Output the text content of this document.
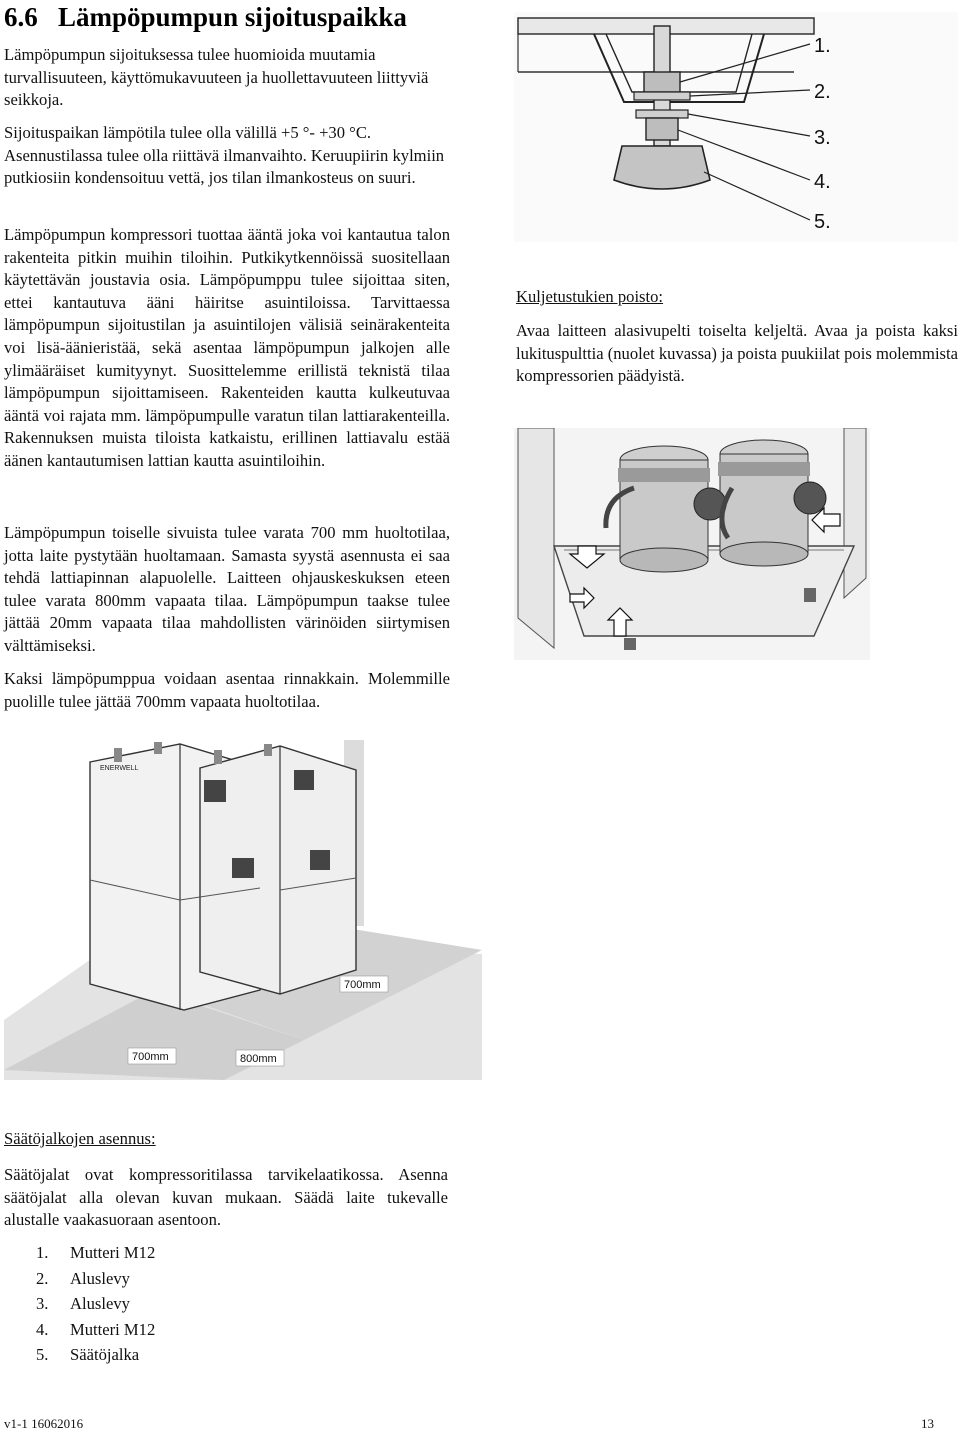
6.6 Lämpöpumpun sijoituspaikka

Lämpöpumpun sijoituksessa tulee huomioida muutamia turvallisuuteen, käyttömukavuuteen ja huollettavuuteen liittyviä seikkoja.

Sijoituspaikan lämpötila tulee olla välillä +5 °- +30 °C. Asennustilassa tulee olla riittävä ilmanvaihto. Keruupiirin kylmiin putkiosiin kondensoituu vettä, jos tilan ilmankosteus on suuri.

Lämpöpumpun kompressori tuottaa ääntä joka voi kantautua talon rakenteita pitkin muihin tiloihin. Putkikytkennöissä suositellaan käytettävän joustavia osia. Lämpöpumppu tulee sijoittaa siten, ettei kantautuva ääni häiritse asuintiloissa. Tarvittaessa lämpöpumpun sijoitustilan ja asuintilojen välisiä seinärakenteita voi lisä-äänieristää, sekä asentaa lämpöpumpun jalkojen alle ylimääräiset kumityynyt. Suosittelemme erillistä teknistä tilaa lämpöpumpun sijoittamiseen. Rakenteiden kautta kulkeutuvaa ääntä voi rajata mm. lämpöpumpulle varatun tilan lattiarakenteilla. Rakennuksen muista tiloista katkaistu, erillinen lattiavalu estää äänen kantautumisen lattian kautta asuintiloihin.

Lämpöpumpun toiselle sivuista tulee varata 700 mm huoltotilaa, jotta laite pystytään huoltamaan. Samasta syystä asennusta ei saa tehdä lattiapinnan alapuolelle. Laitteen ohjauskeskuksen eteen tulee varata 800mm vapaata tilaa. Lämpöpumpun taakse tulee jättää 20mm vapaata tilaa mahdollisten värinöiden siirtymisen välttämiseksi.

Kaksi lämpöpumppua voidaan asentaa rinnakkain. Molemmille puolille tulee jättää 700mm vapaata huoltotilaa.

Kuljetustukien poisto:

Avaa laitteen alasivupelti toiselta keljeltä. Avaa ja poista kaksi lukituspulttia (nuolet kuvassa) ja poista puukiilat pois molemmista kompressorien päädyistä.

1.
2.
3.
4.
5.
ENERWELL
700mm
700mm	800mm

Säätöjalkojen asennus:

Säätöjalat ovat kompressoritilassa tarvikelaatikossa. Asenna säätöjalat alla olevan kuvan mukaan. Säädä laite tukevalle alustalle vaakasuoraan asentoon.

1.	Mutteri M12
2.	Aluslevy
3.	Aluslevy
4.	Mutteri M12
5.	Säätöjalka
v1-1 16062016	13
